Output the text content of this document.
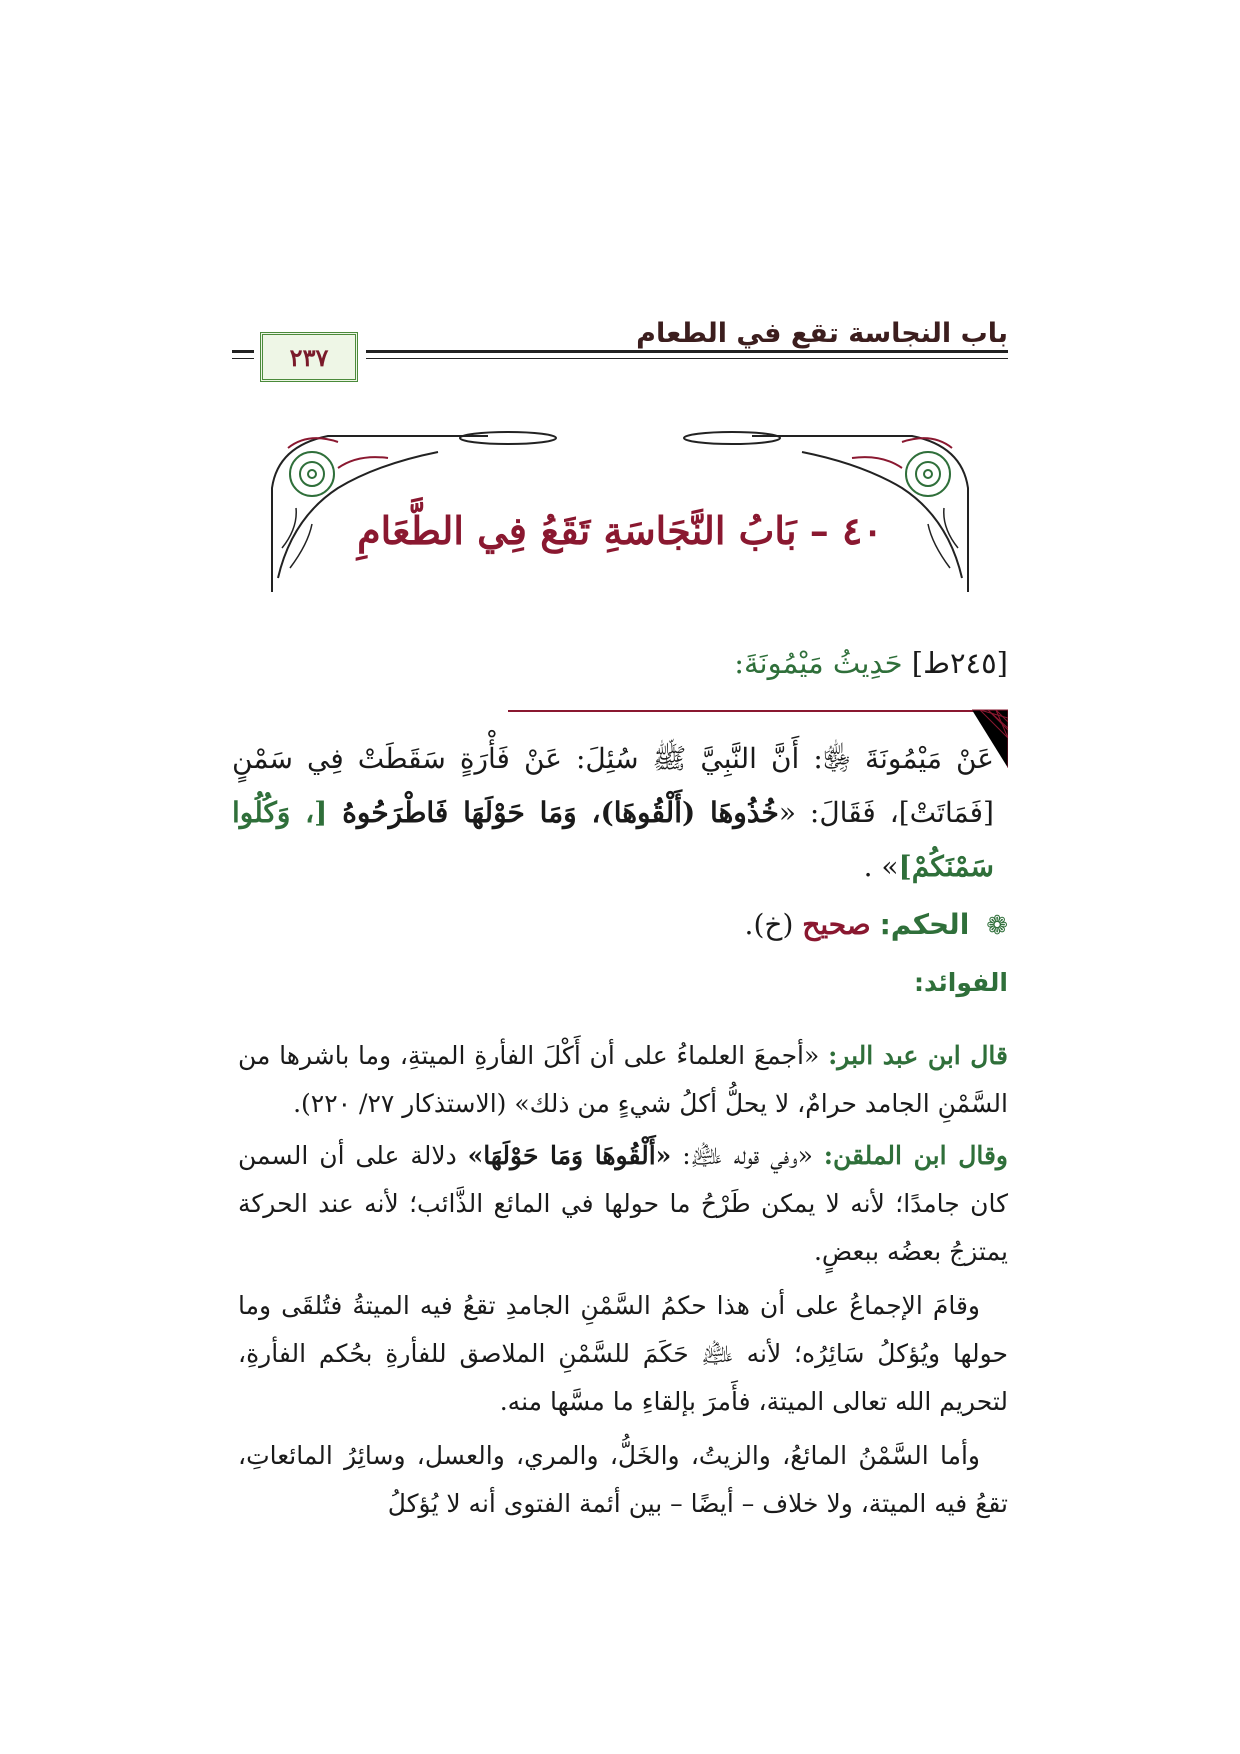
باب النجاسة تقع في الطعام
٢٣٧
٤٠ – بَابُ النَّجَاسَةِ تَقَعُ فِي الطَّعَامِ
[٢٤٥ط] حَدِيثُ مَيْمُونَةَ:
عَنْ مَيْمُونَةَ ﵂: أَنَّ النَّبِيَّ ﷺ سُئِلَ: عَنْ فَأْرَةٍ سَقَطَتْ فِي سَمْنٍ [فَمَاتَتْ]، فَقَالَ: «خُذُوهَا (أَلْقُوهَا)، وَمَا حَوْلَهَا فَاطْرَحُوهُ [، وَكُلُوا سَمْنَكُمْ]» .
❁ الحكم: صحيح (خ).
الفوائد:
قال ابن عبد البر: «أجمعَ العلماءُ على أن أَكْلَ الفأرةِ الميتةِ، وما باشرها من السَّمْنِ الجامد حرامٌ، لا يحلُّ أكلُ شيءٍ من ذلك» (الاستذكار ٢٧/ ٢٢٠).
وقال ابن الملقن: «وفي قوله ﵇: «أَلْقُوهَا وَمَا حَوْلَهَا» دلالة على أن السمن كان جامدًا؛ لأنه لا يمكن طَرْحُ ما حولها في المائع الذَّائب؛ لأنه عند الحركة يمتزجُ بعضُه ببعضٍ.
وقامَ الإجماعُ على أن هذا حكمُ السَّمْنِ الجامدِ تقعُ فيه الميتةُ فتُلقَى وما حولها ويُؤكلُ سَائِرُه؛ لأنه ﵇ حَكَمَ للسَّمْنِ الملاصق للفأرةِ بحُكم الفأرةِ، لتحريم الله تعالى الميتة، فأَمرَ بإلقاءِ ما مسَّها منه.
وأما السَّمْنُ المائعُ، والزيتُ، والخَلُّ، والمري، والعسل، وسائِرُ المائعاتِ، تقعُ فيه الميتة، ولا خلاف – أيضًا – بين أئمة الفتوى أنه لا يُؤكلُ
